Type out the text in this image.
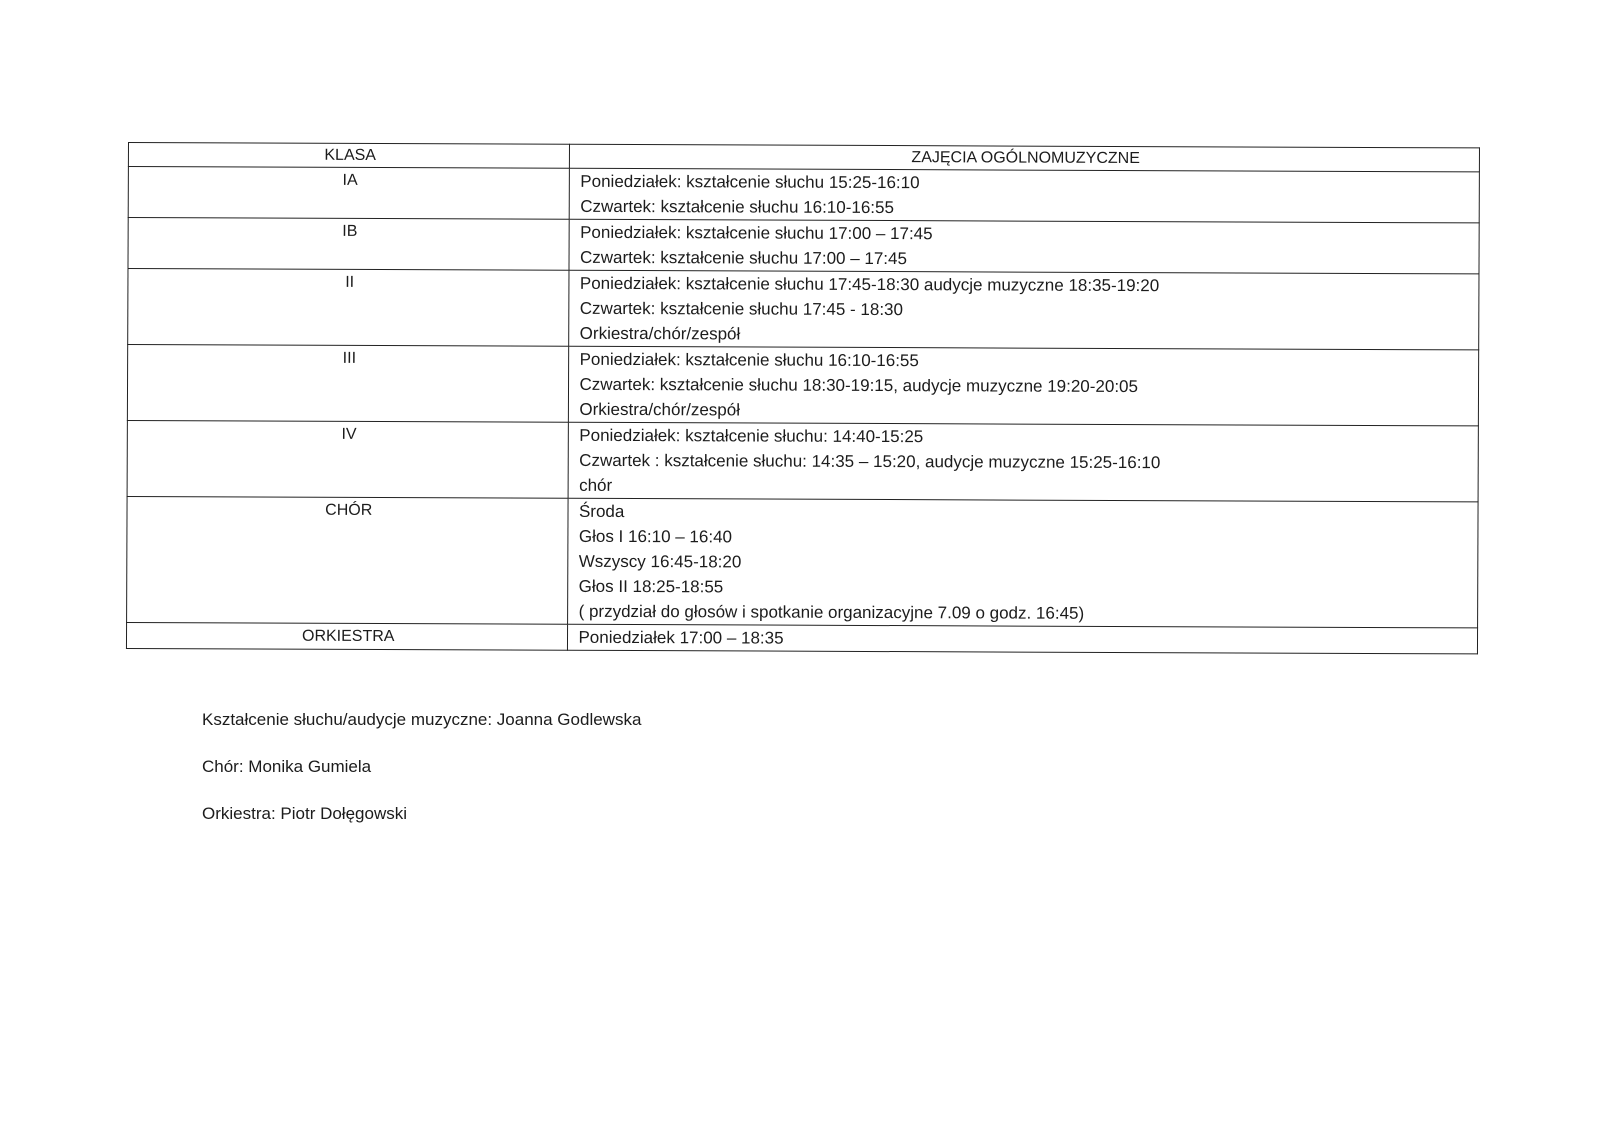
KLASA	ZAJĘCIA OGÓLNOMUZYCZNE
IA	Poniedziałek: kształcenie słuchu 15:25-16:10
Czwartek: kształcenie słuchu 16:10-16:55

IB	Poniedziałek: kształcenie słuchu 17:00 – 17:45
Czwartek: kształcenie słuchu 17:00 – 17:45

II	Poniedziałek: kształcenie słuchu 17:45-18:30 audycje muzyczne 18:35-19:20
Czwartek: kształcenie słuchu 17:45 - 18:30
Orkiestra/chór/zespół

III	Poniedziałek: kształcenie słuchu 16:10-16:55
Czwartek: kształcenie słuchu 18:30-19:15, audycje muzyczne 19:20-20:05
Orkiestra/chór/zespół

IV	Poniedziałek: kształcenie słuchu: 14:40-15:25
Czwartek : kształcenie słuchu: 14:35 – 15:20, audycje muzyczne 15:25-16:10
chór

CHÓR	Środa
Głos I 16:10 – 16:40
Wszyscy 16:45-18:20
Głos II 18:25-18:55
( przydział do głosów i spotkanie organizacyjne 7.09 o godz. 16:45)

ORKIESTRA	Poniedziałek 17:00 – 18:35

Kształcenie słuchu/audycje muzyczne: Joanna Godlewska

Chór: Monika Gumiela

Orkiestra: Piotr Dołęgowski
